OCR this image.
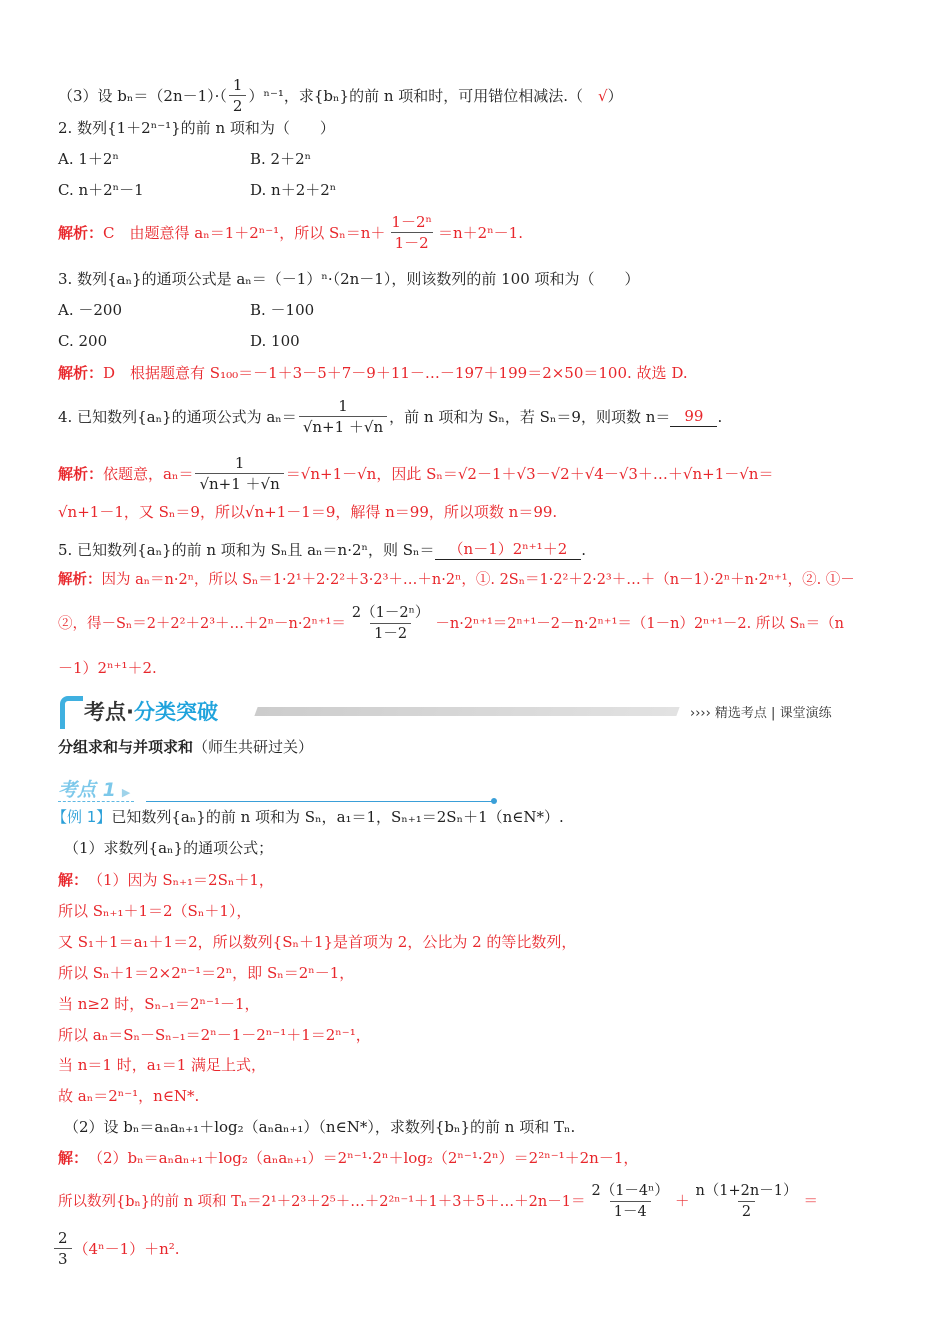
（3）设 $b_n=(2n-1)\cdot( \frac{1}{2} )^{n-1}$，求{bₙ}的前 n 项和时，可用错位相减法.（　 √ ）
2. 数列{1＋2ⁿ⁻¹}的前 n 项和为（　　）
A. 1＋2ⁿ	B. 2＋2ⁿ
C. n＋2ⁿ－1	D. n＋2＋2ⁿ
解析： C　由题意得 aₙ＝1＋2ⁿ⁻¹，所以 $S_n=n+ \frac{\text{1－2ⁿ}}{1-2} =n+2^n-1$.
3. 数列{aₙ}的通项公式是 aₙ＝（－1）ⁿ·（2n－1），则该数列的前 100 项和为（　　）
A. －200	B. －100
C. 200	D. 100
解析： D　根据题意有 S₁₀₀＝－1＋3－5＋7－9＋11－…－197＋199＝2×50＝100. 故选 D.
4. 已知数列{aₙ}的通项公式为 $a_n= \frac{1}{√n+1 +√n}$ ，前 n 项和为 Sₙ，若 Sₙ＝9，则项数 n＝ 99 .
解析： 依题意，$a_n= \frac{1}{√n+1 +√n} =√n+1-√n$，因此 Sₙ＝√2－1＋√3－√2＋√4－√3＋…＋√n+1－√n＝
√n+1－1，又 Sₙ＝9，所以√n+1－1＝9，解得 n＝99，所以项数 n＝99.
5. 已知数列{aₙ}的前 n 项和为 Sₙ且 aₙ＝n·2ⁿ，则 Sₙ＝ （n－1）2ⁿ⁺¹＋2 .
解析： 因为 aₙ＝n·2ⁿ，所以 Sₙ＝1·2¹＋2·2²＋3·2³＋…＋n·2ⁿ，①. 2Sₙ＝1·2²＋2·2³＋…＋（n－1）·2ⁿ＋n·2ⁿ⁺¹，②. ①－
②，得－Sₙ＝2＋2²＋2³＋…＋2ⁿ－n·2ⁿ⁺¹＝ $\frac{\text{2（1－2ⁿ）}}{1-2} -n\cdot 2^{n+1}=2^{n+1}-2-n\cdot 2^{n+1}=(1-n)2^{n+1}-2$. 所以 Sₙ＝（n
－1）2ⁿ⁺¹＋2.
考点·分类突破	›››› 精选考点 | 课堂演练
分组求和与并项求和 （师生共研过关）
考点 1 ▶
【例 1】 已知数列{aₙ}的前 n 项和为 Sₙ，a₁＝1，Sₙ₊₁＝2Sₙ＋1（n∈N*）.
（1）求数列{aₙ}的通项公式；
解： （1）因为 Sₙ₊₁＝2Sₙ＋1，
所以 Sₙ₊₁＋1＝2（Sₙ＋1），
又 S₁＋1＝a₁＋1＝2，所以数列{Sₙ＋1}是首项为 2，公比为 2 的等比数列，
所以 Sₙ＋1＝2×2ⁿ⁻¹＝2ⁿ，即 Sₙ＝2ⁿ－1，
当 n≥2 时，Sₙ₋₁＝2ⁿ⁻¹－1，
所以 aₙ＝Sₙ－Sₙ₋₁＝2ⁿ－1－2ⁿ⁻¹＋1＝2ⁿ⁻¹，
当 n＝1 时，a₁＝1 满足上式，
故 aₙ＝2ⁿ⁻¹，n∈N*.
（2）设 bₙ＝aₙaₙ₊₁＋log₂（aₙaₙ₊₁）（n∈N*），求数列{bₙ}的前 n 项和 Tₙ.
解： （2）bₙ＝aₙaₙ₊₁＋log₂（aₙaₙ₊₁）＝2ⁿ⁻¹·2ⁿ＋log₂（2ⁿ⁻¹·2ⁿ）＝2²ⁿ⁻¹＋2n－1，
所以数列{bₙ}的前 n 项和 Tₙ＝2¹＋2³＋2⁵＋…＋2²ⁿ⁻¹＋1＋3＋5＋…＋2n－1＝ $\frac{\text{2（1－4ⁿ）}}{1-4} + \frac{n(1+2n-1)}{2}$ ＝
$\frac{2}{3} (4^n-1)+n^2$.
